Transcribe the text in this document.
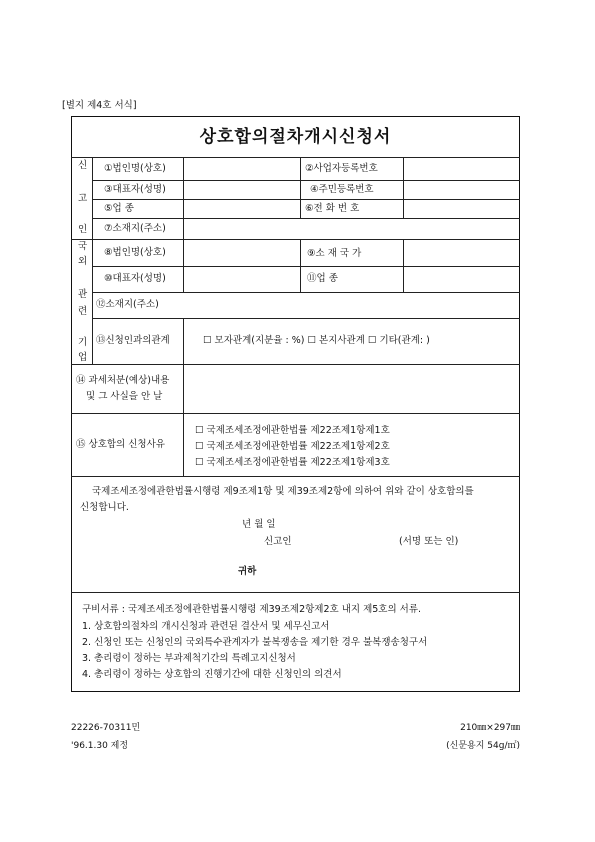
[별지 제4호 서식]
상호합의절차개시신청서
신
고
인
①법인명(상호)	②사업자등록번호
③대표자(성명)	④주민등록번호
⑤업 종	⑥전 화 번 호
⑦소재지(주소)
국
외
관
련
기
업
⑧법인명(상호)	⑨소 재 국 가
⑩대표자(성명)	⑪업 종
⑫소재지(주소)
⑬신청인과의관계	☐ 모자관계(지분율 : %) ☐ 본지사관계 ☐ 기타(관계: )
⑭ 과세처분(예상)내용
및 그 사실을 안 날
⑮ 상호합의 신청사유
☐ 국제조세조정에관한법률 제22조제1항제1호
☐ 국제조세조정에관한법률 제22조제1항제2호
☐ 국제조세조정에관한법률 제22조제1항제3호
국제조세조정에관한법률시행령 제9조제1항 및 제39조제2항에 의하여 위와 같이 상호합의를
신청합니다.
년 월 일
신고인	(서명 또는 인)
귀하
구비서류 : 국제조세조정에관한법률시행령 제39조제2항제2호 내지 제5호의 서류.
1. 상호합의절차의 개시신청과 관련된 결산서 및 세무신고서
2. 신청인 또는 신청인의 국외특수관계자가 불복쟁송을 제기한 경우 불복쟁송청구서
3. 총리령이 정하는 부과제척기간의 특례고지신청서
4. 총리령이 정하는 상호합의 진행기간에 대한 신청인의 의견서
22226-70311민
'96.1.30 제정
210㎜×297㎜
(신문용지 54g/㎡)
